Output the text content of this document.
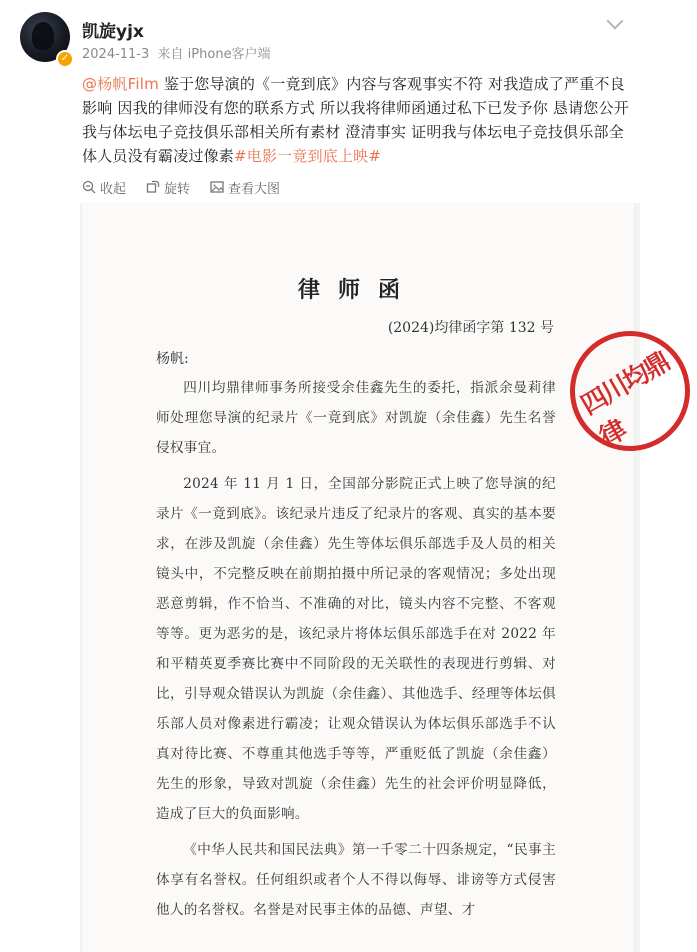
✓
凯旋yjx
2024-11-3 来自 iPhone客户端
@杨帆Film 鉴于您导演的《一竟到底》内容与客观事实不符 对我造成了严重不良影响 因我的律师没有您的联系方式 所以我将律师函通过私下已发予你 恳请您公开我与体坛电子竞技俱乐部相关所有素材 澄清事实 证明我与体坛电子竞技俱乐部全体人员没有霸凌过像素#电影一竟到底上映#
收起	旋转	查看大图
律师函
(2024)均律函字第 132 号
杨帆:

四川均鼎律师事务所接受余佳鑫先生的委托，指派余曼莉律师处理您导演的纪录片《一竟到底》对凯旋（余佳鑫）先生名誉侵权事宜。

2024 年 11 月 1 日，全国部分影院正式上映了您导演的纪录片《一竟到底》。该纪录片违反了纪录片的客观、真实的基本要求，在涉及凯旋（余佳鑫）先生等体坛俱乐部选手及人员的相关镜头中，不完整反映在前期拍摄中所记录的客观情况；多处出现恶意剪辑，作不恰当、不准确的对比，镜头内容不完整、不客观等等。更为恶劣的是，该纪录片将体坛俱乐部选手在对 2022 年和平精英夏季赛比赛中不同阶段的无关联性的表现进行剪辑、对比，引导观众错误认为凯旋（余佳鑫）、其他选手、经理等体坛俱乐部人员对像素进行霸凌；让观众错误认为体坛俱乐部选手不认真对待比赛、不尊重其他选手等等，严重贬低了凯旋（余佳鑫）先生的形象，导致对凯旋（余佳鑫）先生的社会评价明显降低，造成了巨大的负面影响。

《中华人民共和国民法典》第一千零二十四条规定，“民事主体享有名誉权。任何组织或者个人不得以侮辱、诽谤等方式侵害他人的名誉权。名誉是对民事主体的品德、声望、才

四川均鼎律
